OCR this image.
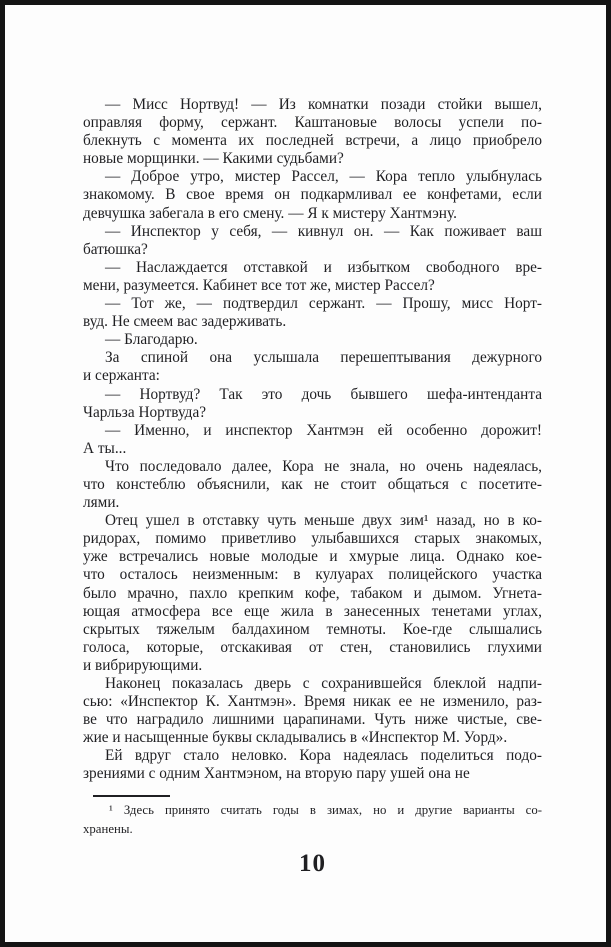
— Мисс Нортвуд! — Из комнатки позади стойки вышел,
оправляя форму, сержант. Каштановые волосы успели по-
блекнуть с момента их последней встречи, а лицо приобрело
новые морщинки. — Какими судьбами?
— Доброе утро, мистер Рассел, — Кора тепло улыбнулась
знакомому. В свое время он подкармливал ее конфетами, если
девчушка забегала в его смену. — Я к мистеру Хантмэну.
— Инспектор у себя, — кивнул он. — Как поживает ваш
батюшка?
— Наслаждается отставкой и избытком свободного вре-
мени, разумеется. Кабинет все тот же, мистер Рассел?
— Тот же, — подтвердил сержант. — Прошу, мисс Норт-
вуд. Не смеем вас задерживать.
— Благодарю.
За спиной она услышала перешептывания дежурного
и сержанта:
— Нортвуд? Так это дочь бывшего шефа-интенданта
Чарльза Нортвуда?
— Именно, и инспектор Хантмэн ей особенно дорожит!
А ты...
Что последовало далее, Кора не знала, но очень надеялась,
что констеблю объяснили, как не стоит общаться с посетите-
лями.
Отец ушел в отставку чуть меньше двух зим¹ назад, но в ко-
ридорах, помимо приветливо улыбавшихся старых знакомых,
уже встречались новые молодые и хмурые лица. Однако кое-
что осталось неизменным: в кулуарах полицейского участка
было мрачно, пахло крепким кофе, табаком и дымом. Угнета-
ющая атмосфера все еще жила в занесенных тенетами углах,
скрытых тяжелым балдахином темноты. Кое-где слышались
голоса, которые, отскакивая от стен, становились глухими
и вибрирующими.
Наконец показалась дверь с сохранившейся блеклой надпи-
сью: «Инспектор К. Хантмэн». Время никак ее не изменило, раз-
ве что наградило лишними царапинами. Чуть ниже чистые, све-
жие и насыщенные буквы складывались в «Инспектор М. Уорд».
Ей вдруг стало неловко. Кора надеялась поделиться подо-
зрениями с одним Хантмэном, на вторую пару ушей она не
¹ Здесь принято считать годы в зимах, но и другие варианты со-
хранены.
10
